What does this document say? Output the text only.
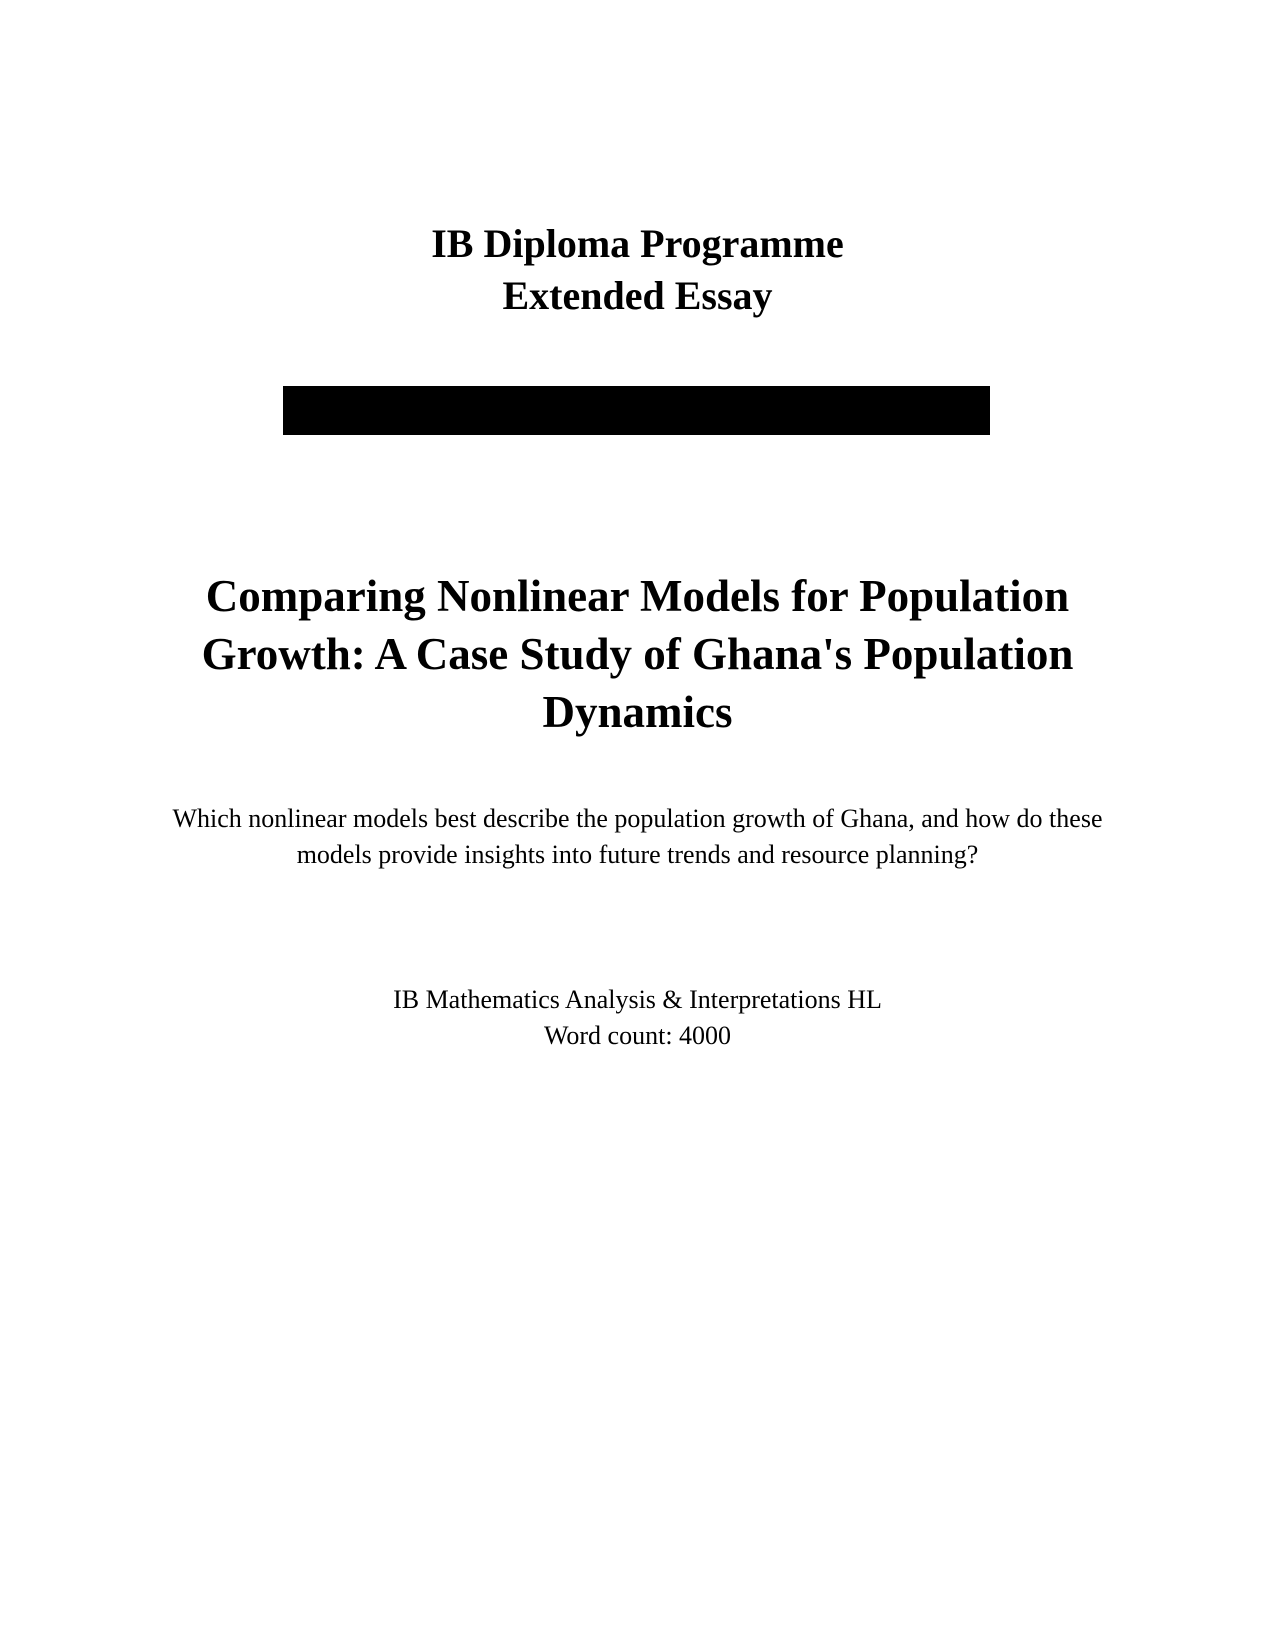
IB Diploma Programme
Extended Essay
Comparing Nonlinear Models for Population Growth: A Case Study of Ghana's Population Dynamics
Which nonlinear models best describe the population growth of Ghana, and how do these models provide insights into future trends and resource planning?
IB Mathematics Analysis & Interpretations HL
Word count: 4000
